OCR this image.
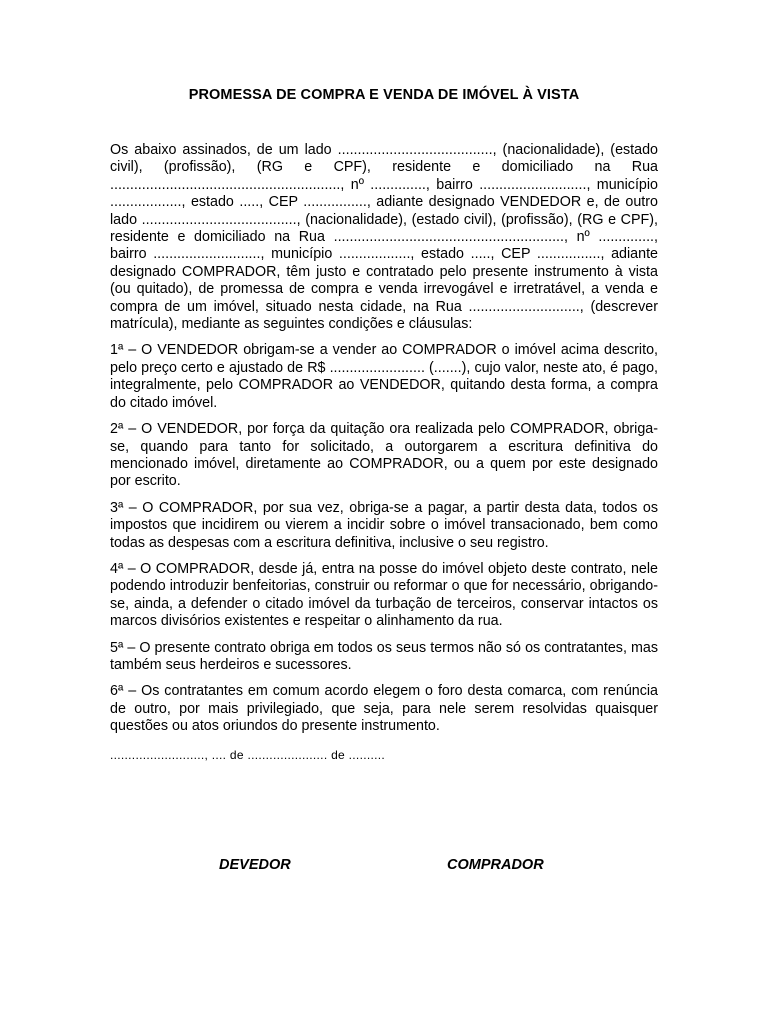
PROMESSA DE COMPRA E VENDA DE IMÓVEL À VISTA

Os abaixo assinados, de um lado ......................................., (nacionalidade), (estado civil), (profissão), (RG e CPF), residente e domiciliado na Rua .........................................................., nº .............., bairro ..........................., município .................., estado ....., CEP ................, adiante designado VENDEDOR e, de outro lado ......................................., (nacionalidade), (estado civil), (profissão), (RG e CPF), residente e domiciliado na Rua .........................................................., nº .............., bairro ..........................., município .................., estado ....., CEP ................, adiante designado COMPRADOR, têm justo e contratado pelo presente instrumento à vista (ou quitado), de promessa de compra e venda irrevogável e irretratável, a venda e compra de um imóvel, situado nesta cidade, na Rua ............................, (descrever matrícula), mediante as seguintes condições e cláusulas:

1ª – O VENDEDOR obrigam-se a vender ao COMPRADOR o imóvel acima descrito, pelo preço certo e ajustado de R$ ........................ (.......), cujo valor, neste ato, é pago, integralmente, pelo COMPRADOR ao VENDEDOR, quitando desta forma, a compra do citado imóvel.

2ª – O VENDEDOR, por força da quitação ora realizada pelo COMPRADOR, obriga-se, quando para tanto for solicitado, a outorgarem a escritura definitiva do mencionado imóvel, diretamente ao COMPRADOR, ou a quem por este designado por escrito.

3ª – O COMPRADOR, por sua vez, obriga-se a pagar, a partir desta data, todos os impostos que incidirem ou vierem a incidir sobre o imóvel transacionado, bem como todas as despesas com a escritura definitiva, inclusive o seu registro.

4ª – O COMPRADOR, desde já, entra na posse do imóvel objeto deste contrato, nele podendo introduzir benfeitorias, construir ou reformar o que for necessário, obrigando-se, ainda, a defender o citado imóvel da turbação de terceiros, conservar intactos os marcos divisórios existentes e respeitar o alinhamento da rua.

5ª – O presente contrato obriga em todos os seus termos não só os contratantes, mas também seus herdeiros e sucessores.

6ª – Os contratantes em comum acordo elegem o foro desta comarca, com renúncia de outro, por mais privilegiado, que seja, para nele serem resolvidas quaisquer questões ou atos oriundos do presente instrumento.

.........................., .... de ...................... de ..........
DEVEDOR	COMPRADOR
